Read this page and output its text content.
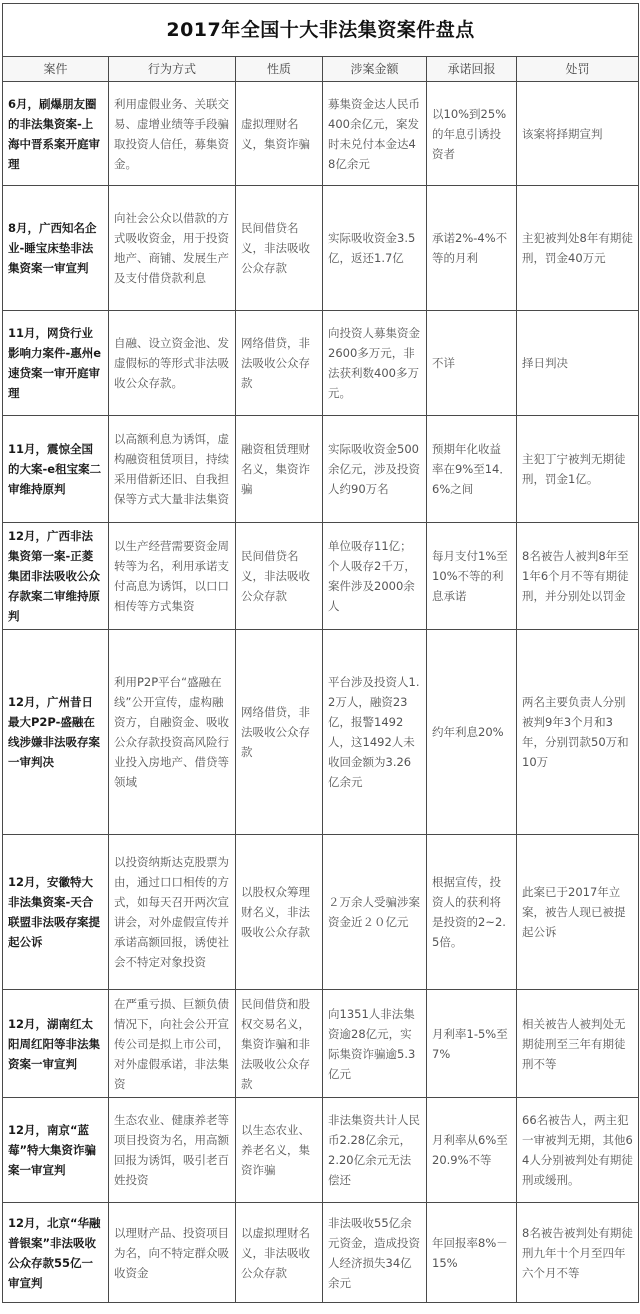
2017年全国十大非法集资案件盘点					
案件	行为方式	性质	涉案金额	承诺回报	处罚
6月，刷爆朋友圈的非法集资案-上海中晋系案开庭审理	利用虚假业务、关联交易、虚增业绩等手段骗取投资人信任，募集资金。	虚拟理财名义，集资诈骗	募集资金达人民币400余亿元，案发时未兑付本金达48亿余元	以10%到25%的年息引诱投资者	该案将择期宣判
8月，广西知名企业-睡宝床垫非法集资案一审宣判	向社会公众以借款的方式吸收资金，用于投资地产、商铺、发展生产及支付借贷款利息	民间借贷名义，非法吸收公众存款	实际吸收资金3.5亿，返还1.7亿	承诺2%-4%不等的月利	主犯被判处8年有期徒刑，罚金40万元
11月，网贷行业影响力案件-惠州e速贷案一审开庭审理	自融、设立资金池、发虚假标的等形式非法吸收公众存款。	网络借贷，非法吸收公众存款	向投资人募集资金2600多万元，非法获利数400多万元。	不详	择日判决
11月，震惊全国的大案-e租宝案二审维持原判	以高额利息为诱饵，虚构融资租赁项目，持续采用借新还旧、自我担保等方式大量非法集资	融资租赁理财名义，集资诈骗	实际吸收资金500余亿元，涉及投资人约90万名	预期年化收益率在9%至14．6%之间	主犯丁宁被判无期徒刑，罚金1亿。
12月，广西非法集资第一案-正菱集团非法吸收公众存款案二审维持原判	以生产经营需要资金周转等为名，利用承诺支付高息为诱饵，以口口相传等方式集资	民间借贷名义，非法吸收公众存款	单位吸存11亿；个人吸存2千万，案件涉及2000余人	每月支付1%至10%不等的利息承诺	8名被告人被判8年至1年6个月不等有期徒刑，并分别处以罚金
12月，广州昔日最大P2P-盛融在线涉嫌非法吸存案一审判决	利用P2P平台“盛融在线”公开宣传，虚构融资方，自融资金、吸收公众存款投资高风险行业投入房地产、借贷等领域	网络借贷，非法吸收公众存款	平台涉及投资人1.2万人，融资23亿，报警1492人，这1492人未收回金额为3.26亿余元	约年利息20%	两名主要负责人分别被判9年3个月和3年，分别罚款50万和10万
12月，安徽特大非法集资案-天合联盟非法吸存案提起公诉	以投资纳斯达克股票为由，通过口口相传的方式，如每天召开两次宣讲会，对外虚假宣传并承诺高额回报，诱使社会不特定对象投资	以股权众筹理财名义，非法吸收公众存款	２万余人受骗涉案资金近２０亿元	根据宣传，投资人的获利将是投资的2~2.5倍。	此案已于2017年立案，被告人现已被提起公诉
12月，湖南红太阳周红阳等非法集资案一审宣判	在严重亏损、巨额负债情况下，向社会公开宣传公司是拟上市公司，对外虚假承诺，非法集资	民间借贷和股权交易名义，集资诈骗和非法吸收公众存款	向1351人非法集资逾28亿元，实际集资诈骗逾5.3亿元	月利率1-5%至7%	相关被告人被判处无期徒刑至三年有期徒刑不等
12月，南京“蓝莓”特大集资诈骗案一审宣判	生态农业、健康养老等项目投资为名，用高额回报为诱饵，吸引老百姓投资	以生态农业、养老名义，集资诈骗	非法集资共计人民币2.28亿余元，2.20亿余元无法偿还	月利率从6%至20.9%不等	66名被告人，两主犯一审被判无期，其他64人分别被判处有期徒刑或缓刑。
12月，北京“华融普银案”非法吸收公众存款55亿一审宣判	以理财产品、投资项目为名，向不特定群众吸收资金	以虚拟理财名义，非法吸收公众存款	非法吸收55亿余元资金，造成投资人经济损失34亿余元	年回报率8%－15%	8名被告被判处有期徒刑九年十个月至四年六个月不等
